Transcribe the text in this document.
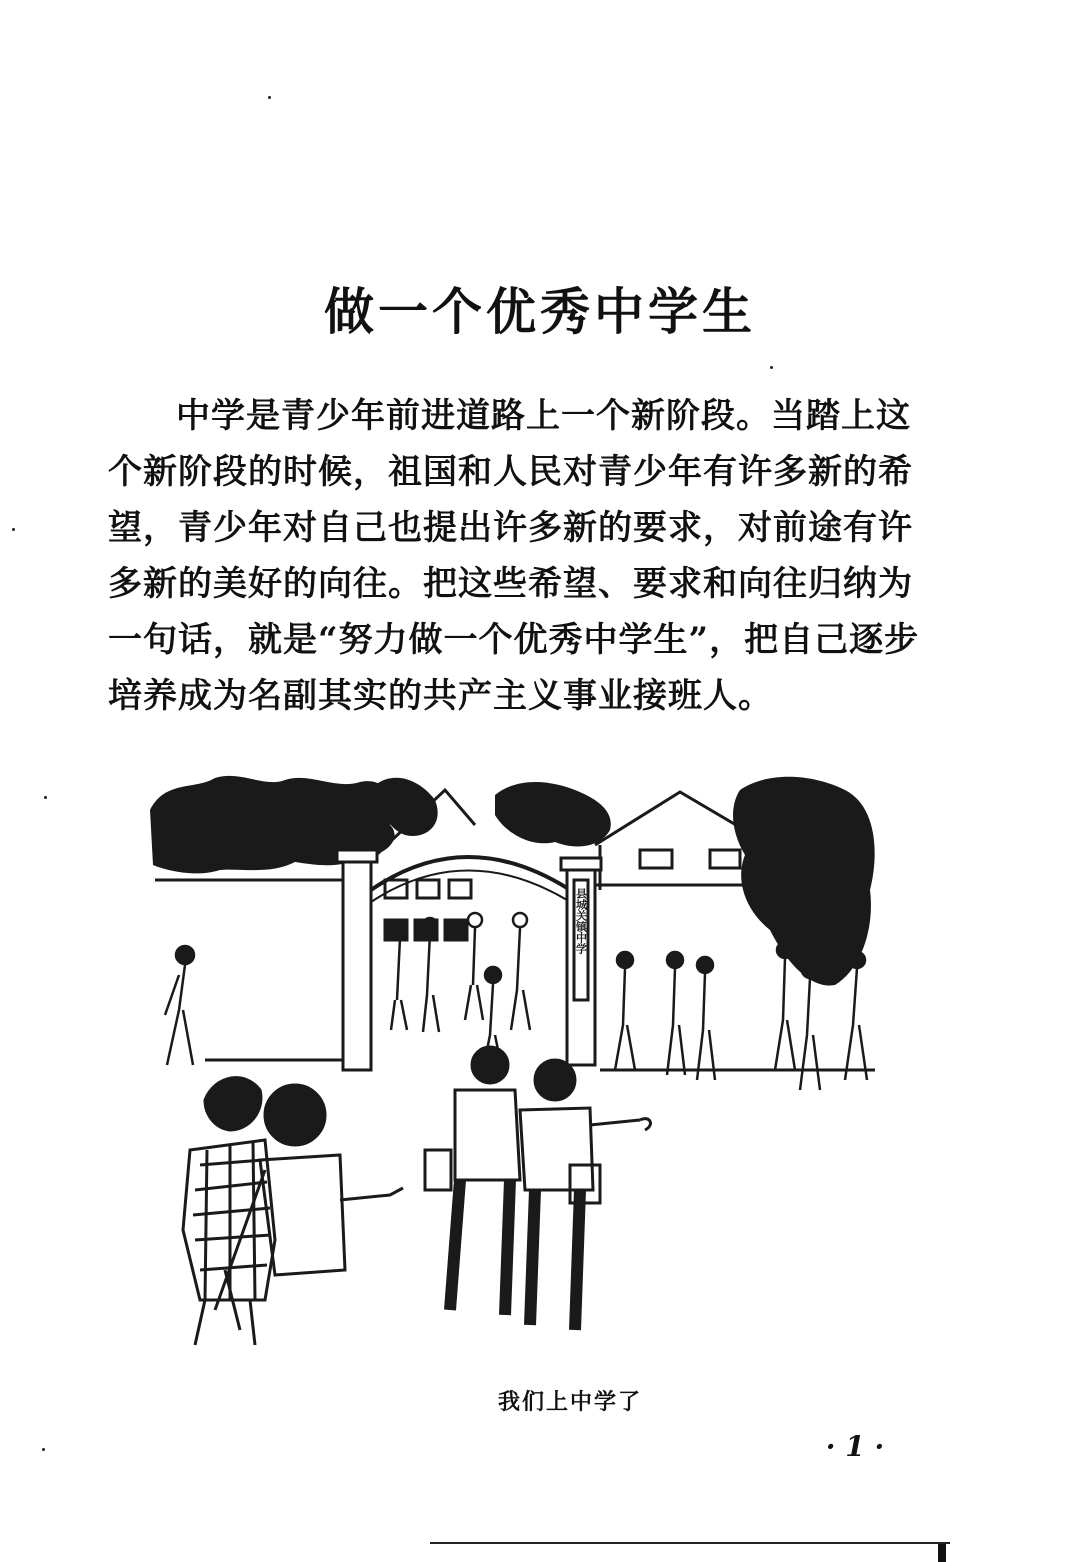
做一个优秀中学生
中学是青少年前进道路上一个新阶段。当踏上这
个新阶段的时候，祖国和人民对青少年有许多新的希
望，青少年对自己也提出许多新的要求，对前途有许
多新的美好的向往。把这些希望、要求和向往归纳为
一句话，就是“努力做一个优秀中学生”，把自己逐步
培养成为名副其实的共产主义事业接班人。
县城关镇中学
我们上中学了
· 1 ·
